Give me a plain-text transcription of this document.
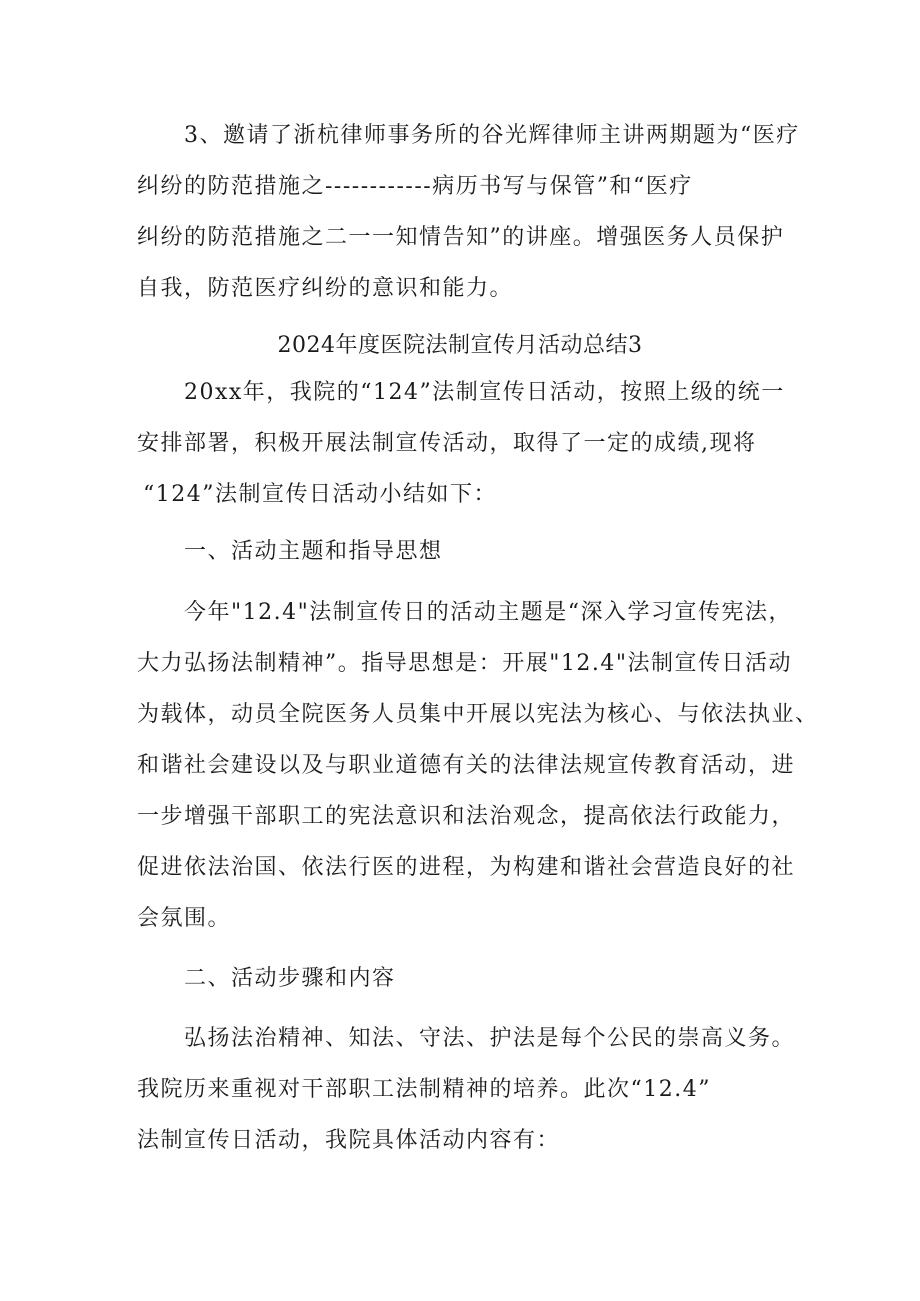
3、邀请了浙杭律师事务所的谷光辉律师主讲两期题为“医疗
纠纷的防范措施之------------病历书写与保管”和“医疗
纠纷的防范措施之二一一知情告知”的讲座。增强医务人员保护
自我，防范医疗纠纷的意识和能力。
2024年度医院法制宣传月活动总结3
20xx年，我院的“124”法制宣传日活动，按照上级的统一
安排部署，积极开展法制宣传活动，取得了一定的成绩,现将
“124”法制宣传日活动小结如下：
一、活动主题和指导思想
今年"12.4"法制宣传日的活动主题是“深入学习宣传宪法，
大力弘扬法制精神”。指导思想是：开展"12.4"法制宣传日活动
为载体，动员全院医务人员集中开展以宪法为核心、与依法执业、
和谐社会建设以及与职业道德有关的法律法规宣传教育活动，进
一步增强干部职工的宪法意识和法治观念，提高依法行政能力，
促进依法治国、依法行医的进程，为构建和谐社会营造良好的社
会氛围。
二、活动步骤和内容
弘扬法治精神、知法、守法、护法是每个公民的崇高义务。
我院历来重视对干部职工法制精神的培养。此次“12.4”
法制宣传日活动，我院具体活动内容有：
